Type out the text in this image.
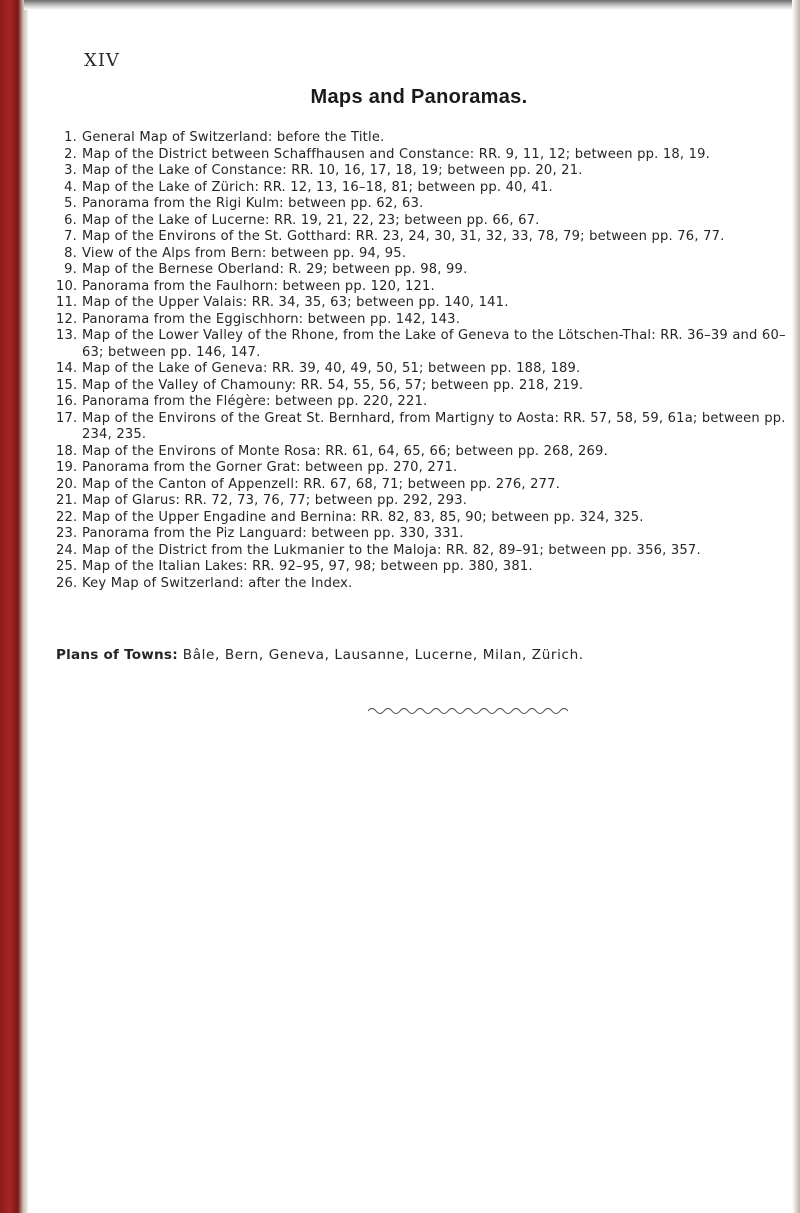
XIV
Maps and Panoramas.
1. General Map of Switzerland: before the Title.
2. Map of the District between Schaffhausen and Constance: RR. 9, 11, 12; between pp. 18, 19.
3. Map of the Lake of Constance: RR. 10, 16, 17, 18, 19; between pp. 20, 21.
4. Map of the Lake of Zürich: RR. 12, 13, 16–18, 81; between pp. 40, 41.
5. Panorama from the Rigi Kulm: between pp. 62, 63.
6. Map of the Lake of Lucerne: RR. 19, 21, 22, 23; between pp. 66, 67.
7. Map of the Environs of the St. Gotthard: RR. 23, 24, 30, 31, 32, 33, 78, 79; between pp. 76, 77.
8. View of the Alps from Bern: between pp. 94, 95.
9. Map of the Bernese Oberland: R. 29; between pp. 98, 99.
10. Panorama from the Faulhorn: between pp. 120, 121.
11. Map of the Upper Valais: RR. 34, 35, 63; between pp. 140, 141.
12. Panorama from the Eggischhorn: between pp. 142, 143.
13. Map of the Lower Valley of the Rhone, from the Lake of Geneva to the Lötschen-Thal: RR. 36–39 and 60–63; between pp. 146, 147.
14. Map of the Lake of Geneva: RR. 39, 40, 49, 50, 51; between pp. 188, 189.
15. Map of the Valley of Chamouny: RR. 54, 55, 56, 57; between pp. 218, 219.
16. Panorama from the Flégère: between pp. 220, 221.
17. Map of the Environs of the Great St. Bernhard, from Martigny to Aosta: RR. 57, 58, 59, 61a; between pp. 234, 235.
18. Map of the Environs of Monte Rosa: RR. 61, 64, 65, 66; between pp. 268, 269.
19. Panorama from the Gorner Grat: between pp. 270, 271.
20. Map of the Canton of Appenzell: RR. 67, 68, 71; between pp. 276, 277.
21. Map of Glarus: RR. 72, 73, 76, 77; between pp. 292, 293.
22. Map of the Upper Engadine and Bernina: RR. 82, 83, 85, 90; between pp. 324, 325.
23. Panorama from the Piz Languard: between pp. 330, 331.
24. Map of the District from the Lukmanier to the Maloja: RR. 82, 89–91; between pp. 356, 357.
25. Map of the Italian Lakes: RR. 92–95, 97, 98; between pp. 380, 381.
26. Key Map of Switzerland: after the Index.
Plans of Towns: Bâle, Bern, Geneva, Lausanne, Lucerne, Milan, Zürich.
